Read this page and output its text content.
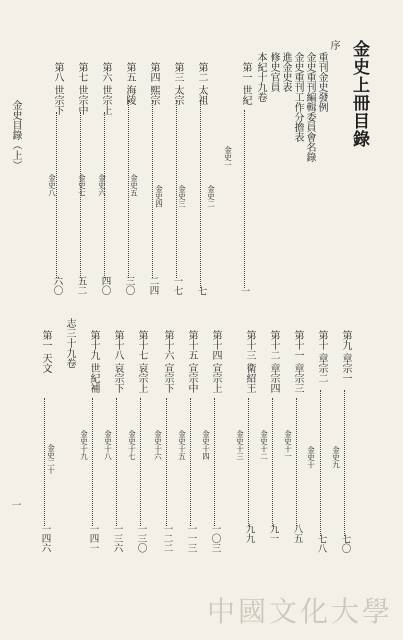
金史上冊目錄
序
重刊金史發例
金史重刊編輯委員會名錄
金史重刊工作分擔表
進金史表
修史官員
本紀十九卷
第一 世紀
金史一
一
第二 太祖
金史二
七
第三 太宗
金史三
一七
第四 熙宗
金史四
二四
第五 海陵
金史五
三〇
第六 世宗上
金史六
四〇
第七 世宗中
金史七
五二
第八 世宗下
金史八
六〇
金史目錄（上）
第九 章宗一
金史九
七〇
第十 章宗二
金史十
七八
第十一 章宗三
金史十一
八五
第十二 章宗四
金史十二
九一
第十三 衛紹王
金史十三
九九
第十四 宣宗上
金史十四
一〇三
第十五 宣宗中
金史十五
一一三
第十六 宣宗下
金史十六
一二二
第十七 哀宗上
金史十七
一三〇
第十八 哀宗下
金史十八
一三六
第十九 世紀補
金史十九
一四一
志三十九卷
第一 天文
金史二十
一四六
一
中國文化大學
